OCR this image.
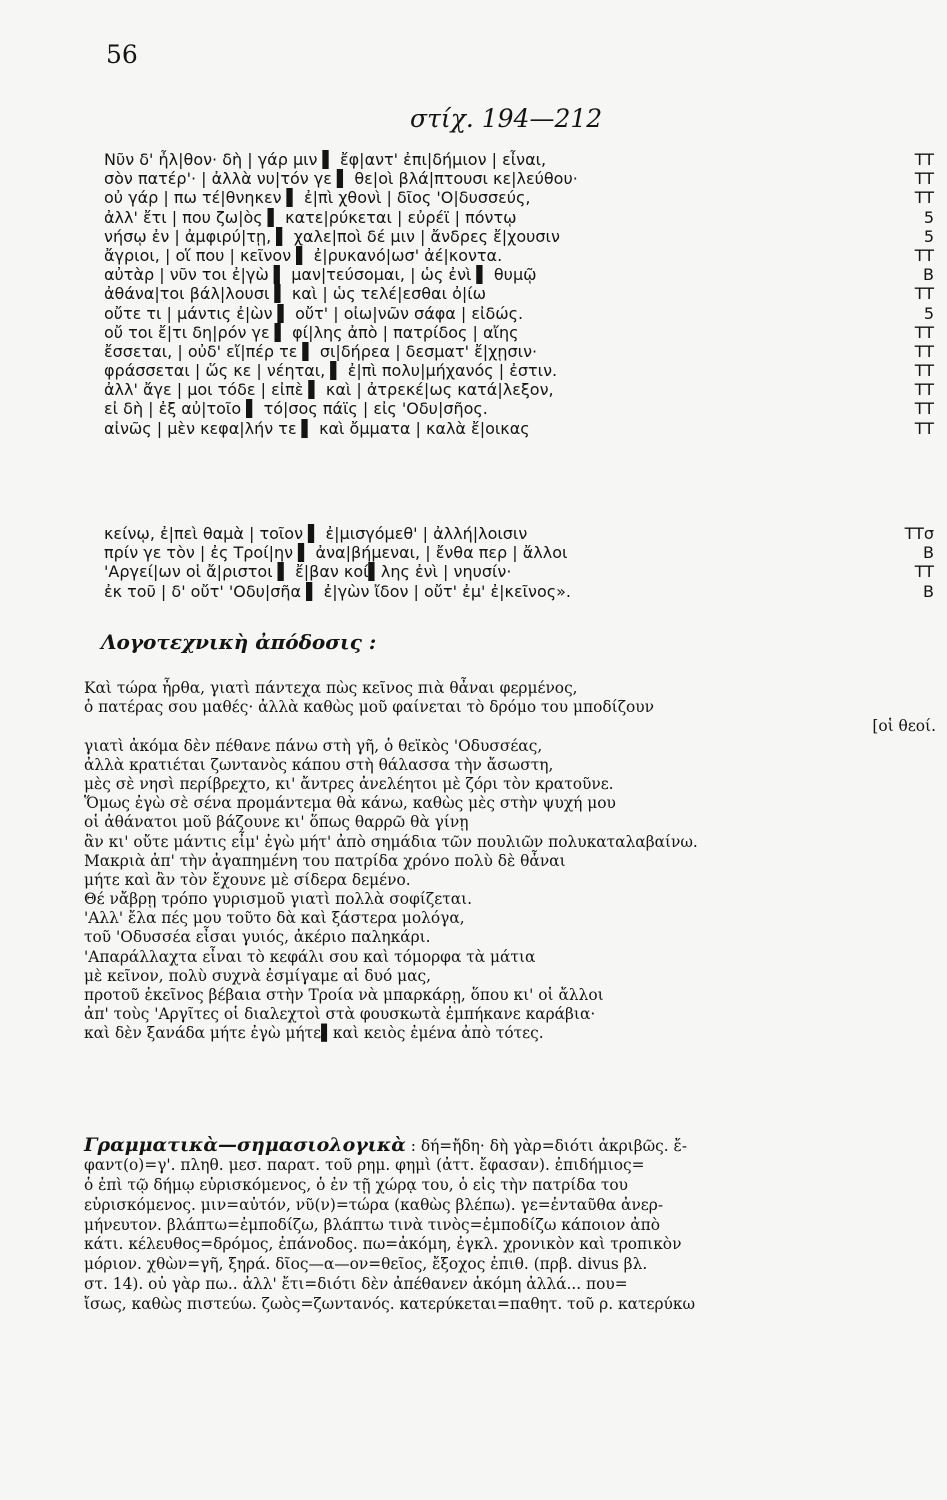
56
στίχ. 194—212
Νῦν δ' ἦλ|θον· δὴ | γάρ μιν ▌ ἔφ|αντ' ἐπι|δήμιον | εἶναι,	TT
σὸν πατέρ'· | ἀλλὰ νυ|τόν γε ▌ θε|οὶ βλά|πτουσι κε|λεύθου·	TT
οὐ γάρ | πω τέ|θνηκεν ▌ ἐ|πὶ χθονὶ | δῖος 'Ο|δυσσεύς,	TT
ἀλλ' ἔτι | που ζω|ὸς ▌ κατε|ρύκεται | εὐρέϊ | πόντῳ	5
νήσῳ ἐν | ἀμφιρύ|τῃ, ▌ χαλε|ποὶ δέ μιν | ἄνδρες ἔ|χουσιν	5
ἄγριοι, | οἵ που | κεῖνον ▌ ἐ|ρυκανό|ωσ' ἀέ|κοντα.	TT
αὐτὰρ | νῦν τοι ἐ|γὼ ▌ μαν|τεύσομαι, | ὡς ἐνὶ ▌ θυμῷ	B
ἀθάνα|τοι βάλ|λουσι ▌ καὶ | ὡς τελέ|εσθαι ὀ|ίω	TT
οὔτε τι | μάντις ἐ|ὼν ▌ οὔτ' | οἰω|νῶν σάφα | εἰδώς.	5
οὔ τοι ἔ|τι δη|ρόν γε ▌ φί|λης ἀπὸ | πατρίδος | αἴης	TT
ἔσσεται, | οὐδ' εἴ|πέρ τε ▌ σι|δήρεα | δεσματ' ἔ|χῃσιν·	TT
φράσσεται | ὥς κε | νέηται, ▌ ἐ|πὶ πολυ|μήχανός | ἐστιν.	TT
ἀλλ' ἄγε | μοι τόδε | εἰπὲ ▌ καὶ | ἀτρεκέ|ως κατά|λεξον,	TT
εἰ δὴ | ἐξ αὐ|τοῖο ▌ τό|σος πάϊς | εἰς 'Οδυ|σῆος.	TT
αἰνῶς | μὲν κεφα|λήν τε ▌ καὶ ὄμματα | καλὰ ἔ|οικας	TT
κείνῳ, ἐ|πεὶ θαμὰ | τοῖον ▌ ἐ|μισγόμεθ' | ἀλλή|λοισιν	TTσ
πρίν γε τὸν | ἐς Τροί|ην ▌ ἀνα|βήμεναι, | ἔνθα περ | ἄλλοι	B
'Αργεί|ων οἱ ἄ|ριστοι ▌ ἔ|βαν κοί▌λης ἐνὶ | νηυσίν·	TT
ἐκ τοῦ | δ' οὔτ' 'Οδυ|σῆα ▌ ἐ|γὼν ἴδον | οὔτ' ἐμ' ἐ|κεῖνος».	B
Λογοτεχνικὴ ἀπόδοσις :
Καὶ τώρα ἦρθα, γιατὶ πάντεχα πὼς κεῖνος πιὰ θἆναι φερμένος,
ὁ πατέρας σου μαθές· ἀλλὰ καθὼς μοῦ φαίνεται τὸ δρόμο του μποδίζουν
[οἱ θεοί.
γιατὶ ἀκόμα δὲν πέθανε πάνω στὴ γῆ, ὁ θεϊκὸς 'Οδυσσέας,
ἀλλὰ κρατιέται ζωντανὸς κάπου στὴ θάλασσα τὴν ἄσωστη,
μὲς σὲ νησὶ περίβρεχτο, κι' ἄντρες ἀνελέητοι μὲ ζόρι τὸν κρατοῦνε.
Ὅμως ἐγὼ σὲ σένα προμάντεμα θὰ κάνω, καθὼς μὲς στὴν ψυχή μου
οἱ ἀθάνατοι μοῦ βάζουνε κι' ὅπως θαρρῶ θὰ γίνῃ
ἂν κι' οὔτε μάντις εἶμ' ἐγὼ μήτ' ἀπὸ σημάδια τῶν πουλιῶν πολυκαταλαβαίνω.
Μακριὰ ἀπ' τὴν ἀγαπημένη του πατρίδα χρόνο πολὺ δὲ θἆναι
μήτε καὶ ἂν τὸν ἔχουνε μὲ σίδερα δεμένο.
Θέ νἄβρῃ τρόπο γυρισμοῦ γιατὶ πολλὰ σοφίζεται.
'Αλλ' ἔλα πές μου τοῦτο δὰ καὶ ξάστερα μολόγα,
τοῦ 'Οδυσσέα εἶσαι γυιός, ἀκέριο παληκάρι.
'Απαράλλαχτα εἶναι τὸ κεφάλι σου καὶ τόμορφα τὰ μάτια
μὲ κεῖνον, πολὺ συχνὰ ἐσμίγαμε αἱ δυό μας,
προτοῦ ἐκεῖνος βέβαια στὴν Τροία νὰ μπαρκάρῃ, ὅπου κι' οἱ ἄλλοι
ἀπ' τοὺς 'Αργῖτες οἱ διαλεχτοὶ στὰ φουσκωτὰ ἐμπήκανε καράβια·
καὶ δὲν ξανάδα μήτε ἐγὼ μήτε▌καὶ κειὸς ἐμένα ἀπὸ τότες.
Γραμματικὰ—σημασιολογικὰ : δή=ἤδη· δὴ γὰρ=διότι ἀκριβῶς. ἔ-
φαντ(ο)=γ'. πληθ. μεσ. παρατ. τοῦ ρημ. φημὶ (ἀττ. ἔφασαν). ἐπιδήμιος=
ὁ ἐπὶ τῷ δήμῳ εὑρισκόμενος, ὁ ἐν τῇ χώρᾳ του, ὁ εἰς τὴν πατρίδα του
εὑρισκόμενος. μιν=αὐτόν, νῦ(ν)=τώρα (καθὼς βλέπω). γε=ἐνταῦθα ἀνερ-
μήνευτον. βλάπτω=ἐμποδίζω, βλάπτω τινὰ τινὸς=ἐμποδίζω κάποιον ἀπὸ
κάτι. κέλευθος=δρόμος, ἐπάνοδος. πω=ἀκόμη, ἐγκλ. χρονικὸν καὶ τροπικὸν
μόριον. χθὼν=γῆ, ξηρά. δῖος—α—ον=θεῖος, ἔξοχος ἐπιθ. (πρβ. divus βλ.
στ. 14). οὐ γὰρ πω.. ἀλλ' ἔτι=διότι δὲν ἀπέθανεν ἀκόμη ἀλλά... που=
ἴσως, καθὼς πιστεύω. ζωὸς=ζωντανός. κατερύκεται=παθητ. τοῦ ρ. κατερύκω
